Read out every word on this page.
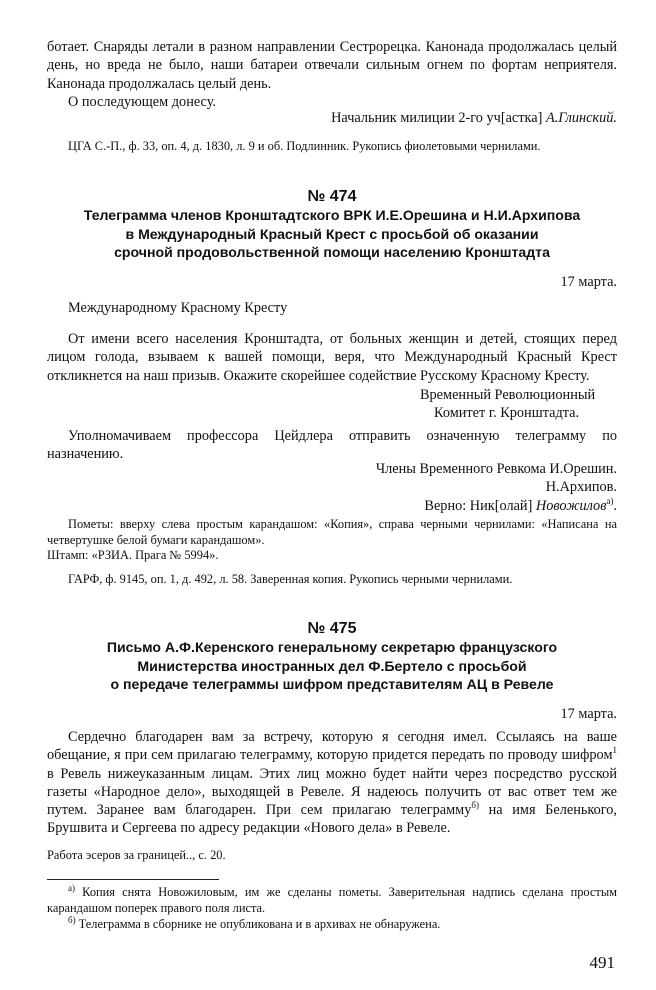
ботает. Снаряды летали в разном направлении Сестрорецка. Канонада продолжалась целый день, но вреда не было, наши батареи отвечали сильным огнем по фортам неприятеля. Канонада продолжалась целый день.

О последующем донесу.

Начальник милиции 2-го уч[астка] А.Глинский.

ЦГА С.-П., ф. 33, оп. 4, д. 1830, л. 9 и об. Подлинник. Рукопись фиолетовыми чернилами.

№ 474
Телеграмма членов Кронштадтского ВРК И.Е.Орешина и Н.И.Архипова
в Международный Красный Крест с просьбой об оказании
срочной продовольственной помощи населению Кронштадта
17 марта.

Международному Красному Кресту

От имени всего населения Кронштадта, от больных женщин и детей, стоящих перед лицом голода, взываем к вашей помощи, веря, что Международный Красный Крест откликнется на наш призыв. Окажите скорейшее содействие Русскому Красному Кресту.

Временный Революционный
Комитет г. Кронштадта.

Уполномачиваем профессора Цейдлера отправить означенную телеграмму по назначению.

Члены Временного Ревкома И.Орешин.
Н.Архипов.
Верно: Ник[олай] Новожилов$^{а)}$.

Пометы: вверху слева простым карандашом: «Копия», справа черными чернилами: «Написана на четвертушке белой бумаги карандашом».

Штамп: «РЗИА. Прага № 5994».

ГАРФ, ф. 9145, оп. 1, д. 492, л. 58. Заверенная копия. Рукопись черными чернилами.

№ 475
Письмо А.Ф.Керенского генеральному секретарю французского
Министерства иностранных дел Ф.Бертело с просьбой
о передаче телеграммы шифром представителям АЦ в Ревеле
17 марта.

Сердечно благодарен вам за встречу, которую я сегодня имел. Ссылаясь на ваше обещание, я при сем прилагаю телеграмму, которую придется передать по проводу шифром$^1$ в Ревель нижеуказанным лицам. Этих лиц можно будет найти через посредство русской газеты «Народное дело», выходящей в Ревеле. Я надеюсь получить от вас ответ тем же путем. Заранее вам благодарен. При сем прилагаю телеграмму$^{б)}$ на имя Беленького, Брушвита и Сергеева по адресу редакции «Нового дела» в Ревеле.

Работа эсеров за границей.., с. 20.

$^{а)}$ Копия снята Новожиловым, им же сделаны пометы. Заверительная надпись сделана простым карандашом поперек правого поля листа.

$^{б)}$ Телеграмма в сборнике не опубликована и в архивах не обнаружена.

491
